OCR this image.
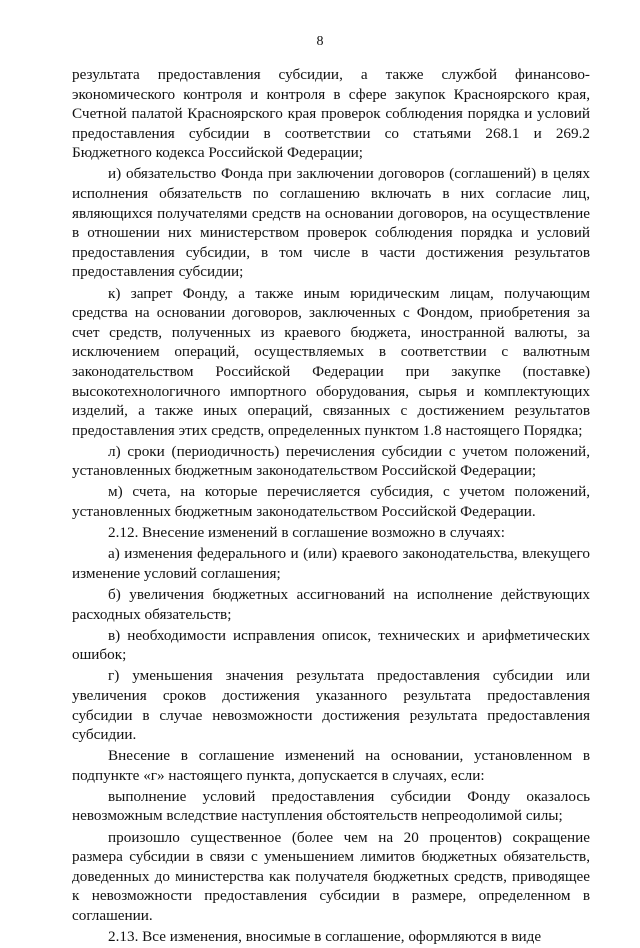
8

результата предоставления субсидии, а также службой финансово-экономического контроля и контроля в сфере закупок Красноярского края, Счетной палатой Красноярского края проверок соблюдения порядка и условий предоставления субсидии в соответствии со статьями 268.1 и 269.2 Бюджетного кодекса Российской Федерации;

и) обязательство Фонда при заключении договоров (соглашений) в целях исполнения обязательств по соглашению включать в них согласие лиц, являющихся получателями средств на основании договоров, на осуществление в отношении них министерством проверок соблюдения порядка и условий предоставления субсидии, в том числе в части достижения результатов предоставления субсидии;

к) запрет Фонду, а также иным юридическим лицам, получающим средства на основании договоров, заключенных с Фондом, приобретения за счет средств, полученных из краевого бюджета, иностранной валюты, за исключением операций, осуществляемых в соответствии с валютным законодательством Российской Федерации при закупке (поставке) высокотехнологичного импортного оборудования, сырья и комплектующих изделий, а также иных операций, связанных с достижением результатов предоставления этих средств, определенных пунктом 1.8 настоящего Порядка;

л) сроки (периодичность) перечисления субсидии с учетом положений, установленных бюджетным законодательством Российской Федерации;

м) счета, на которые перечисляется субсидия, с учетом положений, установленных бюджетным законодательством Российской Федерации.

2.12. Внесение изменений в соглашение возможно в случаях:

а) изменения федерального и (или) краевого законодательства, влекущего изменение условий соглашения;

б) увеличения бюджетных ассигнований на исполнение действующих расходных обязательств;

в) необходимости исправления описок, технических и арифметических ошибок;

г) уменьшения значения результата предоставления субсидии или увеличения сроков достижения указанного результата предоставления субсидии в случае невозможности достижения результата предоставления субсидии.

Внесение в соглашение изменений на основании, установленном в подпункте «г» настоящего пункта, допускается в случаях, если:

выполнение условий предоставления субсидии Фонду оказалось невозможным вследствие наступления обстоятельств непреодолимой силы;

произошло существенное (более чем на 20 процентов) сокращение размера субсидии в связи с уменьшением лимитов бюджетных обязательств, доведенных до министерства как получателя бюджетных средств, приводящее к невозможности предоставления субсидии в размере, определенном в соглашении.

2.13. Все изменения, вносимые в соглашение, оформляются в виде
